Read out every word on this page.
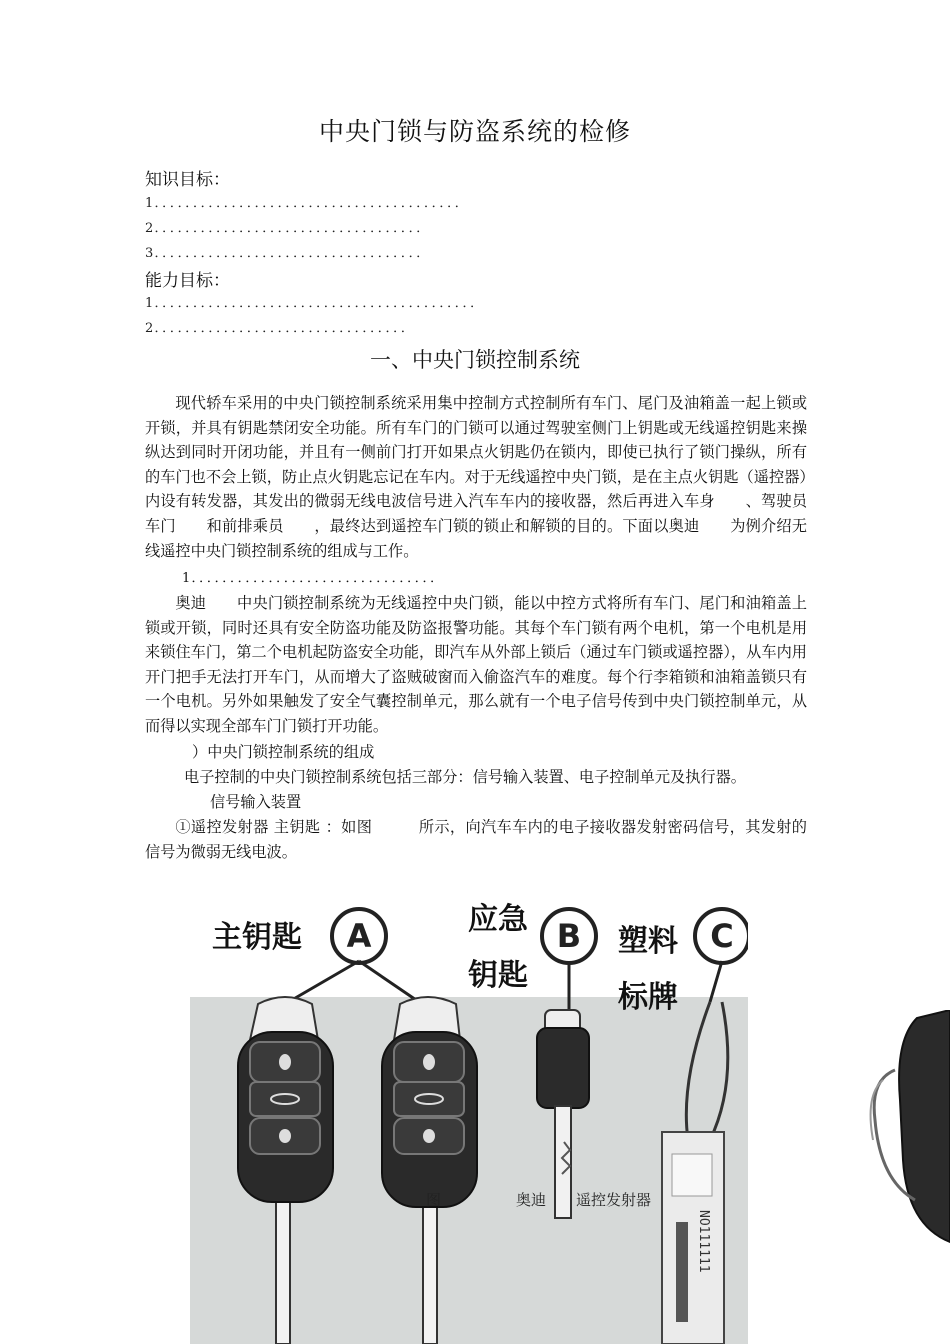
中央门锁与防盗系统的检修
知识目标：
1．．．．．．．．．．．．．．．．．．．．．．．．．．．．．．．．．．．．．．．．
2．．．．．．．．．．．．．．．．．．．．．．．．．．．．．．．．．．．
3．．．．．．．．．．．．．．．．．．．．．．．．．．．．．．．．．．．
能力目标：
1．．．．．．．．．．．．．．．．．．．．．．．．．．．．．．．．．．．．．．．．．．
2．．．．．．．．．．．．．．．．．．．．．．．．．．．．．．．．．
一、中央门锁控制系统
现代轿车采用的中央门锁控制系统采用集中控制方式控制所有车门、尾门及油箱盖一起上锁或开锁，并具有钥匙禁闭安全功能。所有车门的门锁可以通过驾驶室侧门上钥匙或无线遥控钥匙来操纵达到同时开闭功能，并且有一侧前门打开如果点火钥匙仍在锁内，即使已执行了锁门操纵，所有的车门也不会上锁，防止点火钥匙忘记在车内。对于无线遥控中央门锁，是在主点火钥匙（遥控器）内设有转发器，其发出的微弱无线电波信号进入汽车车内的接收器，然后再进入车身　　、驾驶员车门　　和前排乘员　　，最终达到遥控车门锁的锁止和解锁的目的。下面以奥迪　　为例介绍无线遥控中央门锁控制系统的组成与工作。
1．．．．．．．．．．．．．．．．．．．．．．．．．．．．．．．．
奥迪　　中央门锁控制系统为无线遥控中央门锁，能以中控方式将所有车门、尾门和油箱盖上锁或开锁，同时还具有安全防盗功能及防盗报警功能。其每个车门锁有两个电机，第一个电机是用来锁住车门，第二个电机起防盗安全功能，即汽车从外部上锁后（通过车门锁或遥控器），从车内用开门把手无法打开车门，从而增大了盗贼破窗而入偷盗汽车的难度。每个行李箱锁和油箱盖锁只有一个电机。另外如果触发了安全气囊控制单元，那么就有一个电子信号传到中央门锁控制单元，从而得以实现全部车门门锁打开功能。
）中央门锁控制系统的组成
电子控制的中央门锁控制系统包括三部分：信号输入装置、电子控制单元及执行器。
信号输入装置
①遥控发射器 主钥匙 ：如图　　　所示，向汽车车内的电子接收器发射密码信号，其发射的信号为微弱无线电波。
主钥匙	A	应急
钥匙
B	塑料
标牌
C
NO111111
图　　　　　奥迪　　遥控发射器
